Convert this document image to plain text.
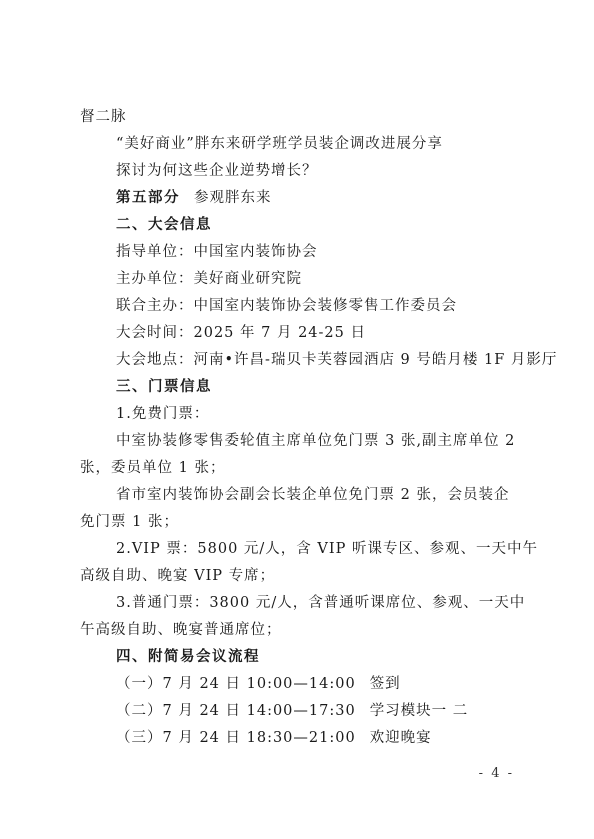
督二脉
“美好商业”胖东来研学班学员装企调改进展分享
探讨为何这些企业逆势增长？
第五部分 参观胖东来
二、大会信息
指导单位：中国室内装饰协会
主办单位：美好商业研究院
联合主办：中国室内装饰协会装修零售工作委员会
大会时间：2025 年 7 月 24-25 日
大会地点：河南•许昌-瑞贝卡芙蓉园酒店 9 号皓月楼 1F 月影厅
三、门票信息
1.免费门票：
中室协装修零售委轮值主席单位免门票 3 张,副主席单位 2
张，委员单位 1 张；
省市室内装饰协会副会长装企单位免门票 2 张，会员装企
免门票 1 张；
2.VIP 票：5800 元/人，含 VIP 听课专区、参观、一天中午
高级自助、晚宴 VIP 专席；
3.普通门票：3800 元/人，含普通听课席位、参观、一天中
午高级自助、晚宴普通席位；
四、附简易会议流程
（一）7 月 24 日 10:00—14:00 签到
（二）7 月 24 日 14:00—17:30 学习模块一 二
（三）7 月 24 日 18:30—21:00 欢迎晚宴
- 4 -
